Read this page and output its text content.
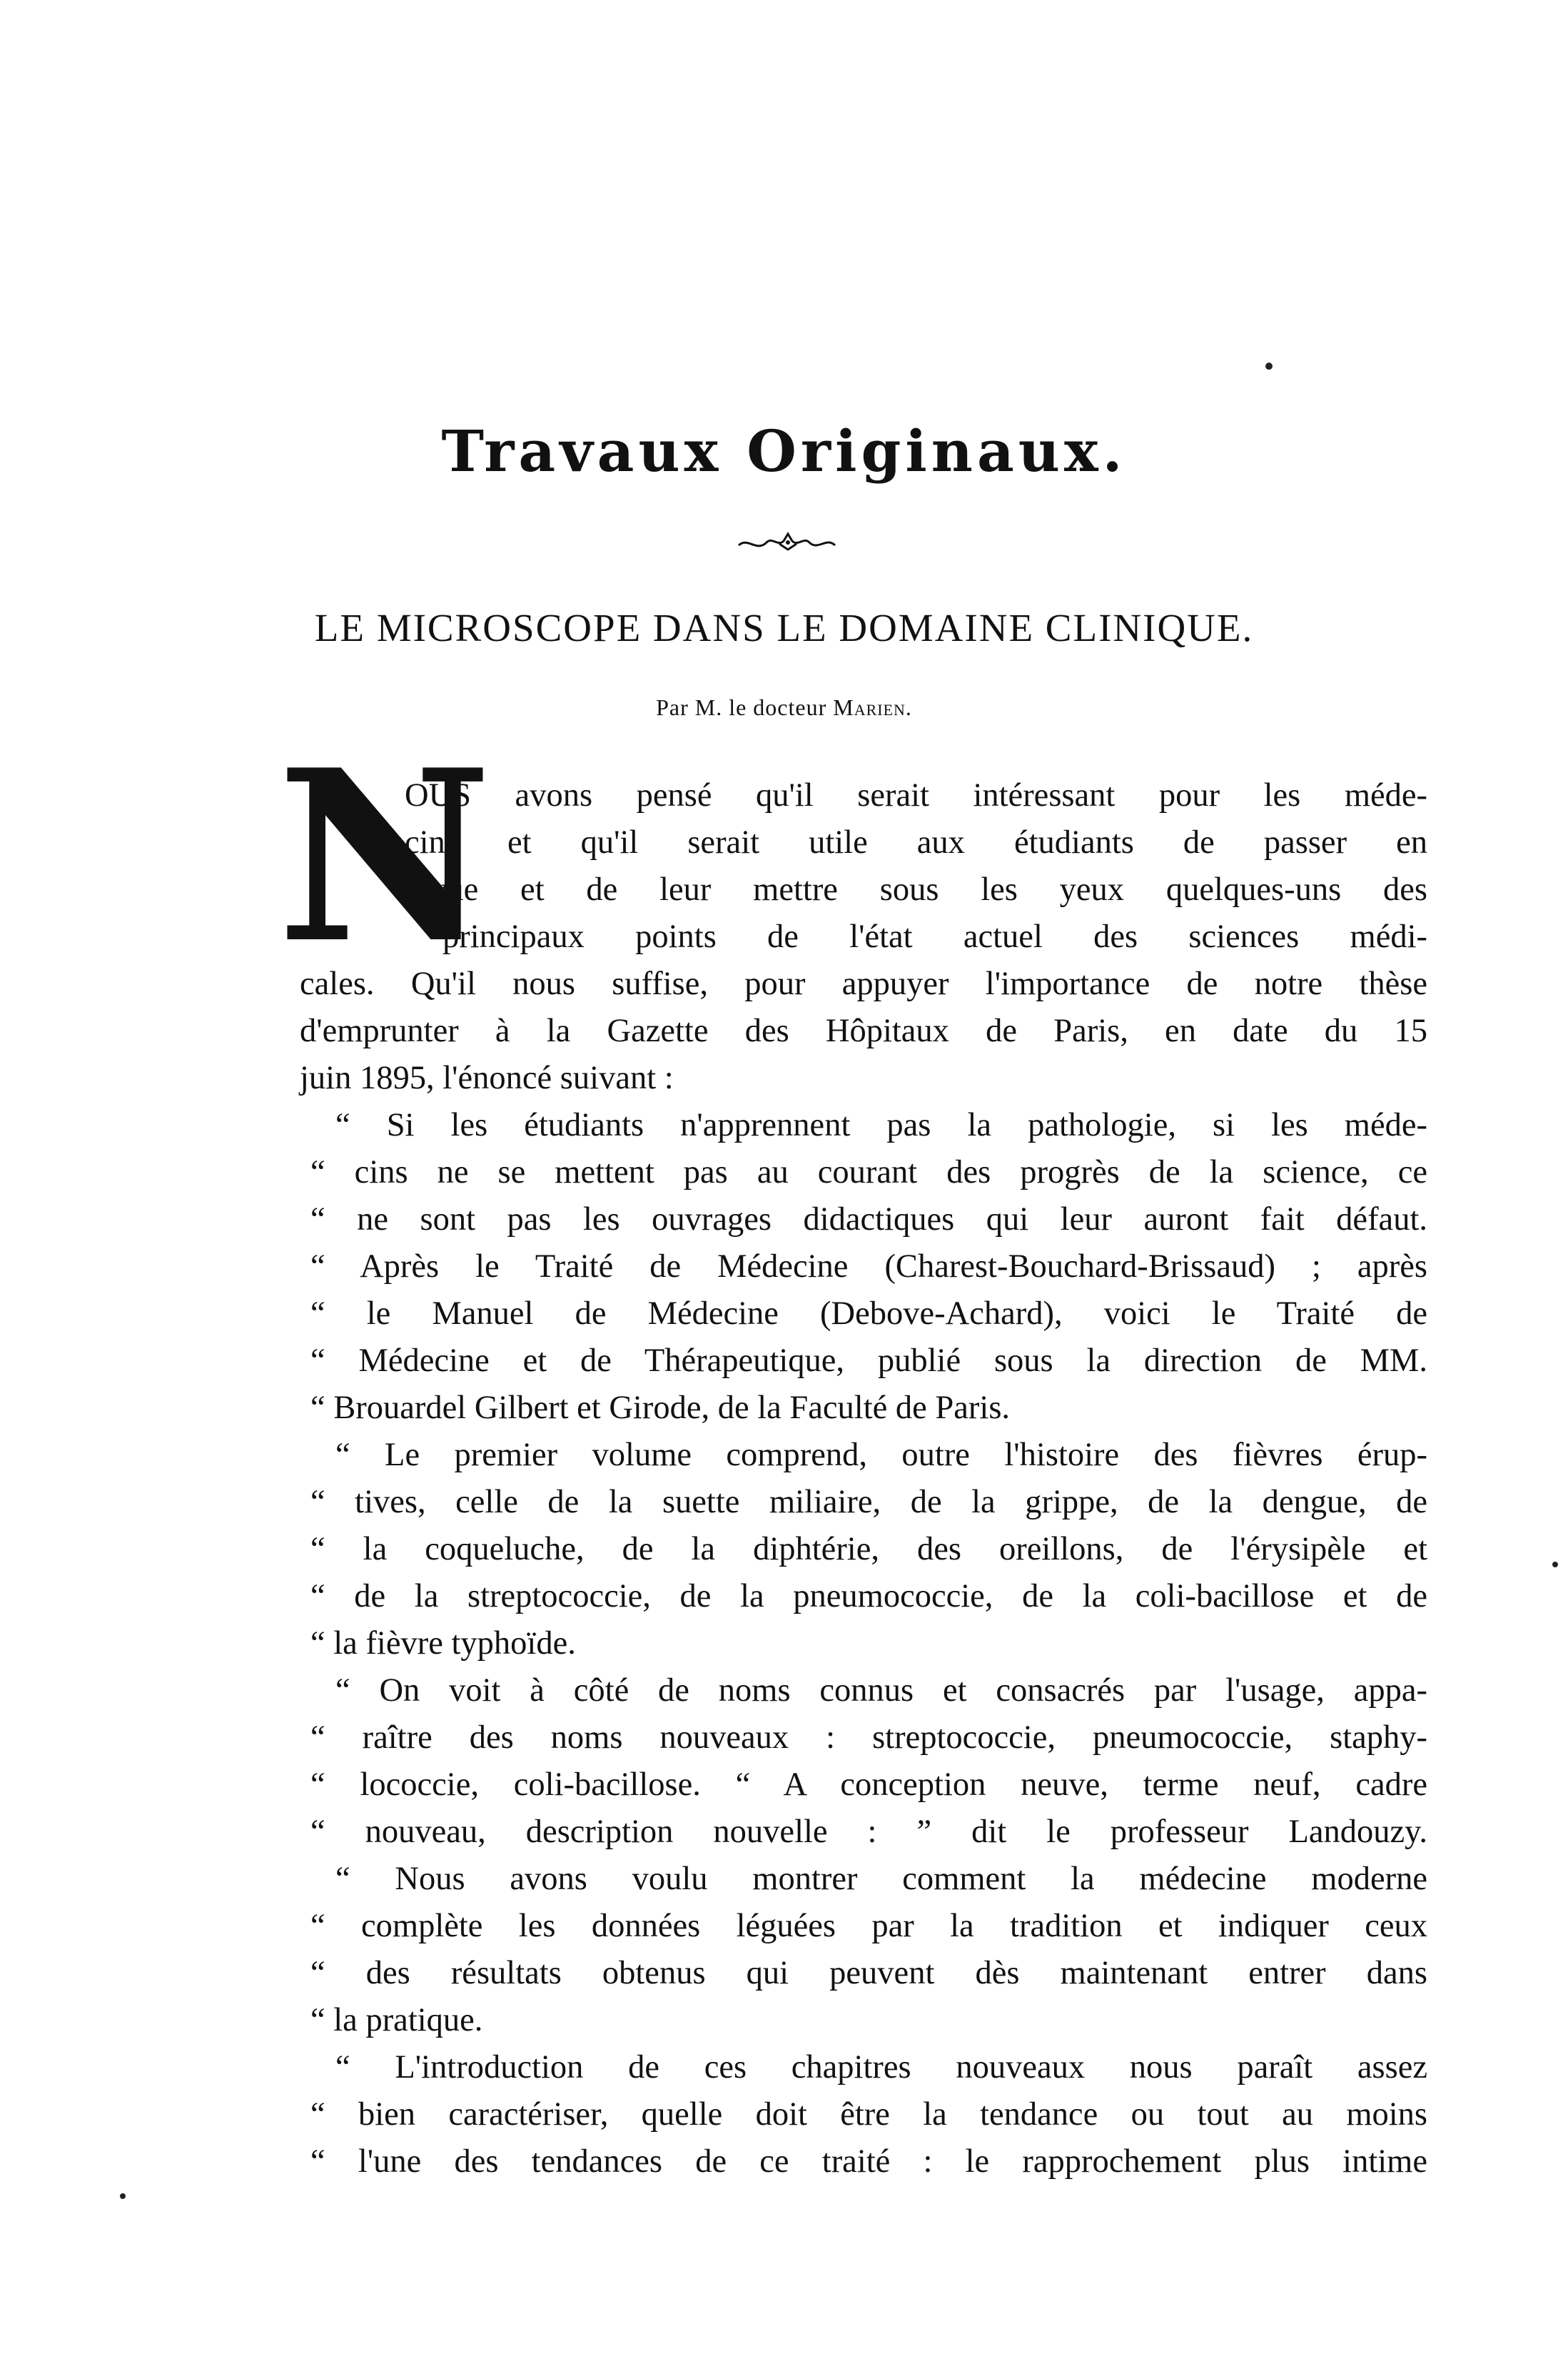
Travaux Originaux.
LE MICROSCOPE DANS LE DOMAINE CLINIQUE.
Par M. le docteur Marien.
N
OUS avons pensé qu'il serait intéressant pour les méde-
cins et qu'il serait utile aux étudiants de passer en
revue et de leur mettre sous les yeux quelques-uns des
principaux points de l'état actuel des sciences médi-
cales. Qu'il nous suffise, pour appuyer l'importance de notre thèse
d'emprunter à la Gazette des Hôpitaux de Paris, en date du 15
juin 1895, l'énoncé suivant :
“ Si les étudiants n'apprennent pas la pathologie, si les méde-
“ cins ne se mettent pas au courant des progrès de la science, ce
“ ne sont pas les ouvrages didactiques qui leur auront fait défaut.
“ Après le Traité de Médecine (Charest-Bouchard-Brissaud) ; après
“ le Manuel de Médecine (Debove-Achard), voici le Traité de
“ Médecine et de Thérapeutique, publié sous la direction de MM.
“ Brouardel Gilbert et Girode, de la Faculté de Paris.
“ Le premier volume comprend, outre l'histoire des fièvres érup-
“ tives, celle de la suette miliaire, de la grippe, de la dengue, de
“ la coqueluche, de la diphtérie, des oreillons, de l'érysipèle et
“ de la streptococcie, de la pneumococcie, de la coli-bacillose et de
“ la fièvre typhoïde.
“ On voit à côté de noms connus et consacrés par l'usage, appa-
“ raître des noms nouveaux : streptococcie, pneumococcie, staphy-
“ lococcie, coli-bacillose. “ A conception neuve, terme neuf, cadre
“ nouveau, description nouvelle : ” dit le professeur Landouzy.
“ Nous avons voulu montrer comment la médecine moderne
“ complète les données léguées par la tradition et indiquer ceux
“ des résultats obtenus qui peuvent dès maintenant entrer dans
“ la pratique.
“ L'introduction de ces chapitres nouveaux nous paraît assez
“ bien caractériser, quelle doit être la tendance ou tout au moins
“ l'une des tendances de ce traité : le rapprochement plus intime
